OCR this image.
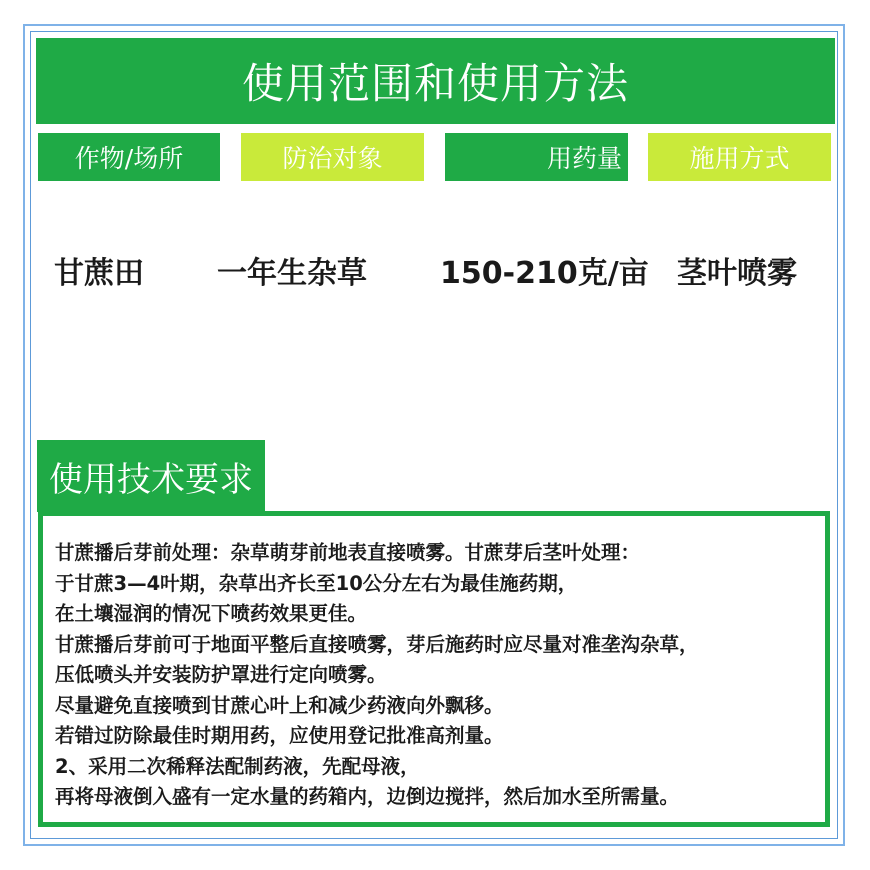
使用范围和使用方法
作物/场所	防治对象	用药量	施用方式
甘蔗田 一年生杂草 150-210克/亩 茎叶喷雾
使用技术要求
甘蔗播后芽前处理：杂草萌芽前地表直接喷雾。甘蔗芽后茎叶处理：
于甘蔗3—4叶期，杂草出齐长至10公分左右为最佳施药期，
在土壤湿润的情况下喷药效果更佳。
甘蔗播后芽前可于地面平整后直接喷雾，芽后施药时应尽量对准垄沟杂草，
压低喷头并安装防护罩进行定向喷雾。
尽量避免直接喷到甘蔗心叶上和减少药液向外飘移。
若错过防除最佳时期用药，应使用登记批准高剂量。
2、采用二次稀释法配制药液，先配母液，
再将母液倒入盛有一定水量的药箱内，边倒边搅拌，然后加水至所需量。
